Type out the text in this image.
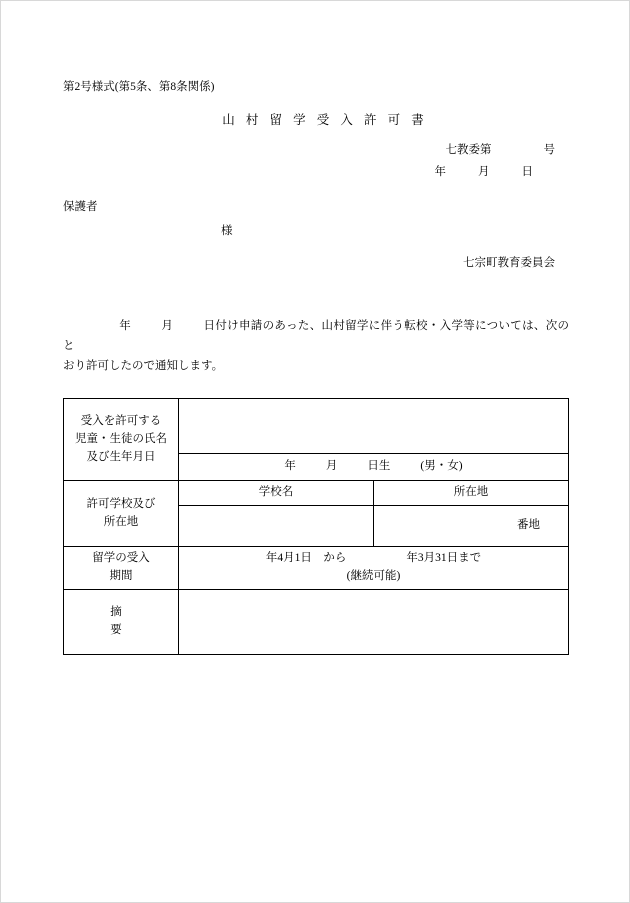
第2号様式(第5条、第8条関係)
山 村 留 学 受 入 許 可 書
七教委第	号
年	月	日
保護者
様
七宗町教育委員会
年	月	日付け申請のあった、山村留学に伴う転校・入学等については、次のと
おり許可したので通知します。
受入を許可する
児童・生徒の氏名
及び生年月日		

	年 月 日生 (男・女)	

許可学校及び
所在地	学校名	所在地

		番地

留学の受入
期間

年4月1日　から	年3月31日まで
(継続可能)

摘　　　要		
